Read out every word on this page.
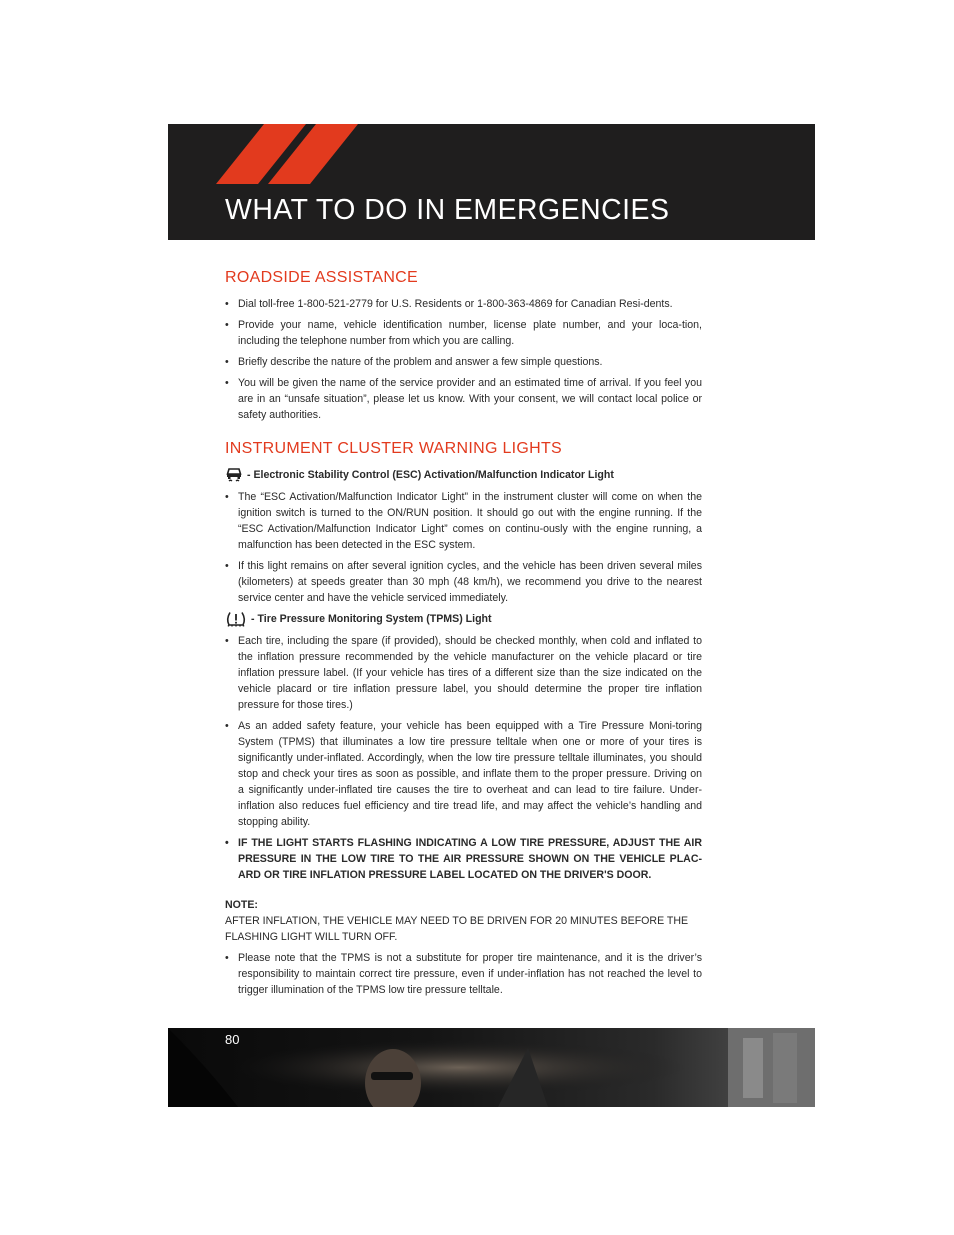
WHAT TO DO IN EMERGENCIES
ROADSIDE ASSISTANCE
• Dial toll-free 1-800-521-2779 for U.S. Residents or 1-800-363-4869 for Canadian Resi-dents.
• Provide your name, vehicle identification number, license plate number, and your loca-tion, including the telephone number from which you are calling.
• Briefly describe the nature of the problem and answer a few simple questions.
• You will be given the name of the service provider and an estimated time of arrival. If you feel you are in an “unsafe situation”, please let us know. With your consent, we will contact local police or safety authorities.
INSTRUMENT CLUSTER WARNING LIGHTS
- Electronic Stability Control (ESC) Activation/Malfunction Indicator Light
• The “ESC Activation/Malfunction Indicator Light” in the instrument cluster will come on when the ignition switch is turned to the ON/RUN position. It should go out with the engine running. If the “ESC Activation/Malfunction Indicator Light” comes on continu-ously with the engine running, a malfunction has been detected in the ESC system.
• If this light remains on after several ignition cycles, and the vehicle has been driven several miles (kilometers) at speeds greater than 30 mph (48 km/h), we recommend you drive to the nearest service center and have the vehicle serviced immediately.
- Tire Pressure Monitoring System (TPMS) Light
• Each tire, including the spare (if provided), should be checked monthly, when cold and inflated to the inflation pressure recommended by the vehicle manufacturer on the vehicle placard or tire inflation pressure label. (If your vehicle has tires of a different size than the size indicated on the vehicle placard or tire inflation pressure label, you should determine the proper tire inflation pressure for those tires.)
• As an added safety feature, your vehicle has been equipped with a Tire Pressure Moni-toring System (TPMS) that illuminates a low tire pressure telltale when one or more of your tires is significantly under-inflated. Accordingly, when the low tire pressure telltale illuminates, you should stop and check your tires as soon as possible, and inflate them to the proper pressure. Driving on a significantly under-inflated tire causes the tire to overheat and can lead to tire failure. Under-inflation also reduces fuel efficiency and tire tread life, and may affect the vehicle’s handling and stopping ability.
• IF THE LIGHT STARTS FLASHING INDICATING A LOW TIRE PRESSURE, ADJUST THE AIR PRESSURE IN THE LOW TIRE TO THE AIR PRESSURE SHOWN ON THE VEHICLE PLAC-ARD OR TIRE INFLATION PRESSURE LABEL LOCATED ON THE DRIVER'S DOOR.
NOTE:
AFTER INFLATION, THE VEHICLE MAY NEED TO BE DRIVEN FOR 20 MINUTES BEFORE THE FLASHING LIGHT WILL TURN OFF.
• Please note that the TPMS is not a substitute for proper tire maintenance, and it is the driver’s responsibility to maintain correct tire pressure, even if under-inflation has not reached the level to trigger illumination of the TPMS low tire pressure telltale.
80
